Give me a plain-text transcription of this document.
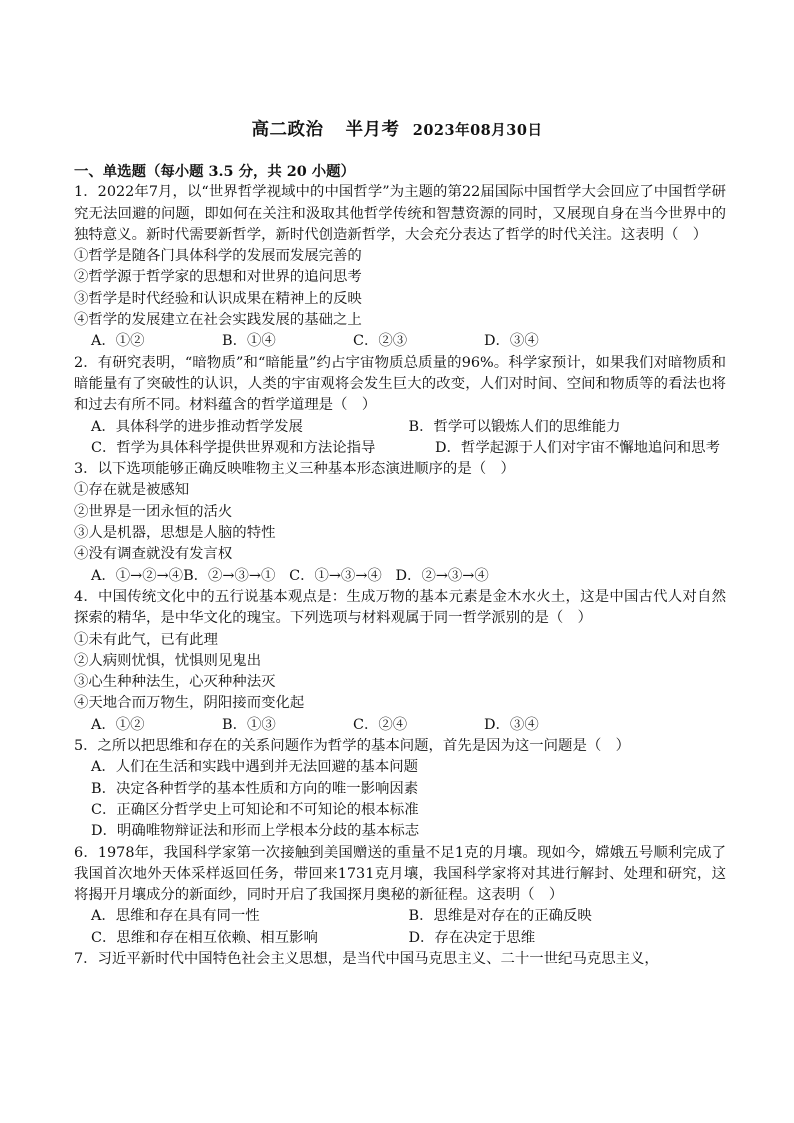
高二政治 半月考 2023年08月30日
一、单选题（每小题 3.5 分，共 20 小题）

1．2022年7月，以“世界哲学视域中的中国哲学”为主题的第22届国际中国哲学大会回应了中国哲学研究无法回避的问题，即如何在关注和汲取其他哲学传统和智慧资源的同时，又展现自身在当今世界中的独特意义。新时代需要新哲学，新时代创造新哲学，大会充分表达了哲学的时代关注。这表明（　）

①哲学是随各门具体科学的发展而发展完善的

②哲学源于哲学家的思想和对世界的追问思考

③哲学是时代经验和认识成果在精神上的反映

④哲学的发展建立在社会实践发展的基础之上

A．①②	B．①④	C．②③	D．③④

2．有研究表明，“暗物质”和“暗能量”约占宇宙物质总质量的96%。科学家预计，如果我们对暗物质和暗能量有了突破性的认识，人类的宇宙观将会发生巨大的改变，人们对时间、空间和物质等的看法也将和过去有所不同。材料蕴含的哲学道理是（　）

A．具体科学的进步推动哲学发展	B．哲学可以锻炼人们的思维能力
C．哲学为具体科学提供世界观和方法论指导	D．哲学起源于人们对宇宙不懈地追问和思考

3．以下选项能够正确反映唯物主义三种基本形态演进顺序的是（　）

①存在就是被感知

②世界是一团永恒的活火

③人是机器，思想是人脑的特性

④没有调查就没有发言权

A．①→②→④B．②→③→① C．①→③→④ D．②→③→④

4．中国传统文化中的五行说基本观点是：生成万物的基本元素是金木水火土，这是中国古代人对自然探索的精华，是中华文化的瑰宝。下列选项与材料观属于同一哲学派别的是（　）

①未有此气，已有此理

②人病则忧惧，忧惧则见鬼出

③心生种种法生，心灭种种法灭

④天地合而万物生，阴阳接而变化起

A．①②	B．①③	C．②④	D．③④

5．之所以把思维和存在的关系问题作为哲学的基本问题，首先是因为这一问题是（　）

A．人们在生活和实践中遇到并无法回避的基本问题

B．决定各种哲学的基本性质和方向的唯一影响因素

C．正确区分哲学史上可知论和不可知论的根本标准

D．明确唯物辩证法和形而上学根本分歧的基本标志

6．1978年，我国科学家第一次接触到美国赠送的重量不足1克的月壤。现如今，嫦娥五号顺利完成了我国首次地外天体采样返回任务，带回来1731克月壤，我国科学家将对其进行解封、处理和研究，这将揭开月壤成分的新面纱，同时开启了我国探月奥秘的新征程。这表明（　）

A．思维和存在具有同一性	B．思维是对存在的正确反映
C．思维和存在相互依赖、相互影响	D．存在决定于思维

7．习近平新时代中国特色社会主义思想，是当代中国马克思主义、二十一世纪马克思主义，
